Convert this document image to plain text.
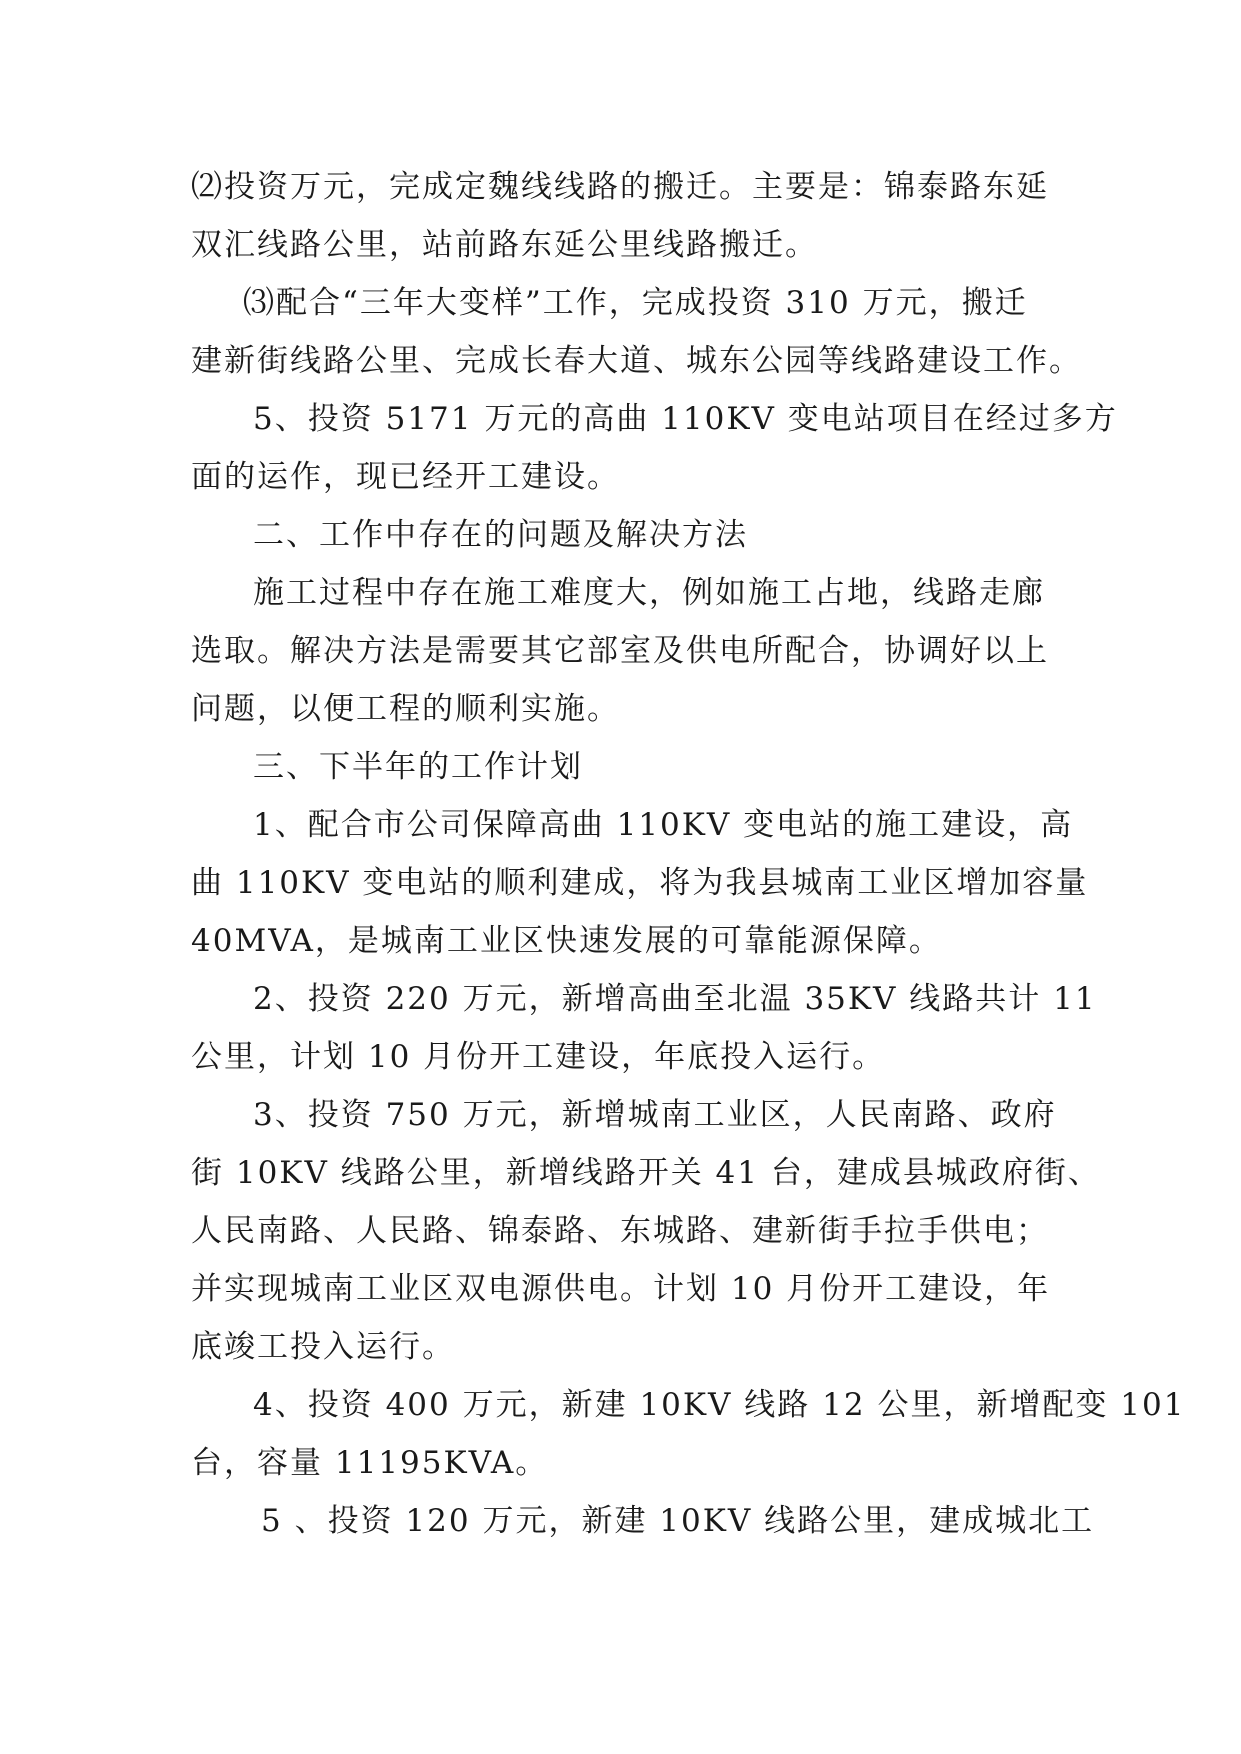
⑵投资万元，完成定魏线线路的搬迁。主要是：锦泰路东延
双汇线路公里，站前路东延公里线路搬迁。
⑶配合“三年大变样”工作，完成投资 310 万元，搬迁
建新街线路公里、完成长春大道、城东公园等线路建设工作。
5、投资 5171 万元的高曲 110KV 变电站项目在经过多方
面的运作，现已经开工建设。
二、工作中存在的问题及解决方法
施工过程中存在施工难度大，例如施工占地，线路走廊
选取。解决方法是需要其它部室及供电所配合，协调好以上
问题，以便工程的顺利实施。
三、下半年的工作计划
1、配合市公司保障高曲 110KV 变电站的施工建设，高
曲 110KV 变电站的顺利建成，将为我县城南工业区增加容量
40MVA，是城南工业区快速发展的可靠能源保障。
2、投资 220 万元，新增高曲至北温 35KV 线路共计 11
公里，计划 10 月份开工建设，年底投入运行。
3、投资 750 万元，新增城南工业区，人民南路、政府
街 10KV 线路公里，新增线路开关 41 台，建成县城政府街、
人民南路、人民路、锦泰路、东城路、建新街手拉手供电；
并实现城南工业区双电源供电。计划 10 月份开工建设，年
底竣工投入运行。
4、投资 400 万元，新建 10KV 线路 12 公里，新增配变 101
台，容量 11195KVA。
5 、投资 120 万元，新建 10KV 线路公里，建成城北工
